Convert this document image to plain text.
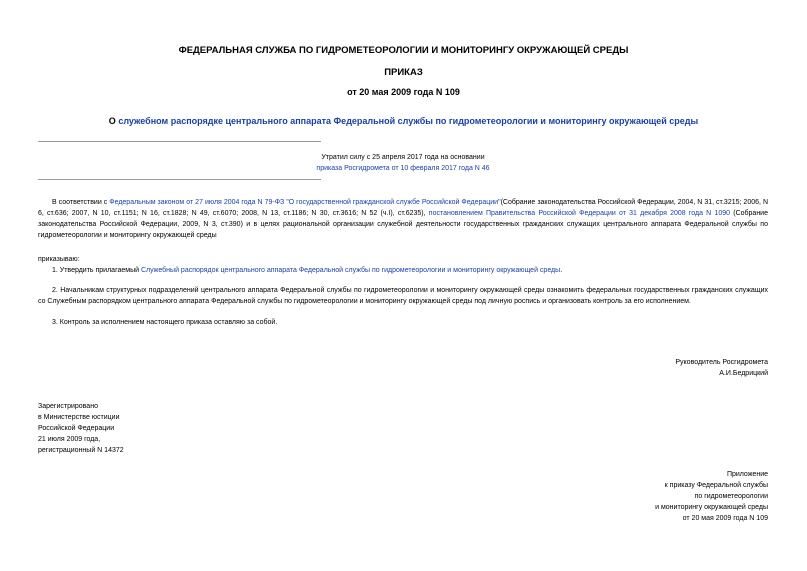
ФЕДЕРАЛЬНАЯ СЛУЖБА ПО ГИДРОМЕТЕОРОЛОГИИ И МОНИТОРИНГУ ОКРУЖАЮЩЕЙ СРЕДЫ
ПРИКАЗ
от 20 мая 2009 года N 109
О служебном распорядке центрального аппарата Федеральной службы по гидрометеорологии и мониторингу окружающей среды
Утратил силу с 25 апреля 2017 года на основании
приказа Росгидромета от 10 февраля 2017 года N 46
В соответствии с Федеральным законом от 27 июля 2004 года N 79-ФЗ "О государственной гражданской службе Российской Федерации"(Собрание законодательства Российской Федерации, 2004, N 31, ст.3215; 2006, N 6, ст.636; 2007, N 10, ст.1151; N 16, ст.1828; N 49, ст.6070; 2008, N 13, ст.1186; N 30, ст.3616; N 52 (ч.I), ст.6235), постановлением Правительства Российской Федерации от 31 декабря 2008 года N 1090 (Собрание законодательства Российской Федерации, 2009, N 3, ст.390) и в целях рациональной организации служебной деятельности государственных гражданских служащих центрального аппарата Федеральной службы по гидрометеорологии и мониторингу окружающей среды
приказываю:
1. Утвердить прилагаемый Служебный распорядок центрального аппарата Федеральной службы по гидрометеорологии и мониторингу окружающей среды.
2. Начальникам структурных подразделений центрального аппарата Федеральной службы по гидрометеорологии и мониторингу окружающей среды ознакомить федеральных государственных гражданских служащих со Служебным распорядком центрального аппарата Федеральной службы по гидрометеорологии и мониторингу окружающей среды под личную роспись и организовать контроль за его исполнением.
3. Контроль за исполнением настоящего приказа оставляю за собой.
Руководитель Росгидромета
А.И.Бедрицкий
Зарегистрировано
в Министерстве юстиции
Российской Федерации
21 июля 2009 года,
регистрационный N 14372
Приложение
к приказу Федеральной службы
по гидрометеорологии
и мониторингу окружающей среды
от 20 мая 2009 года N 109
